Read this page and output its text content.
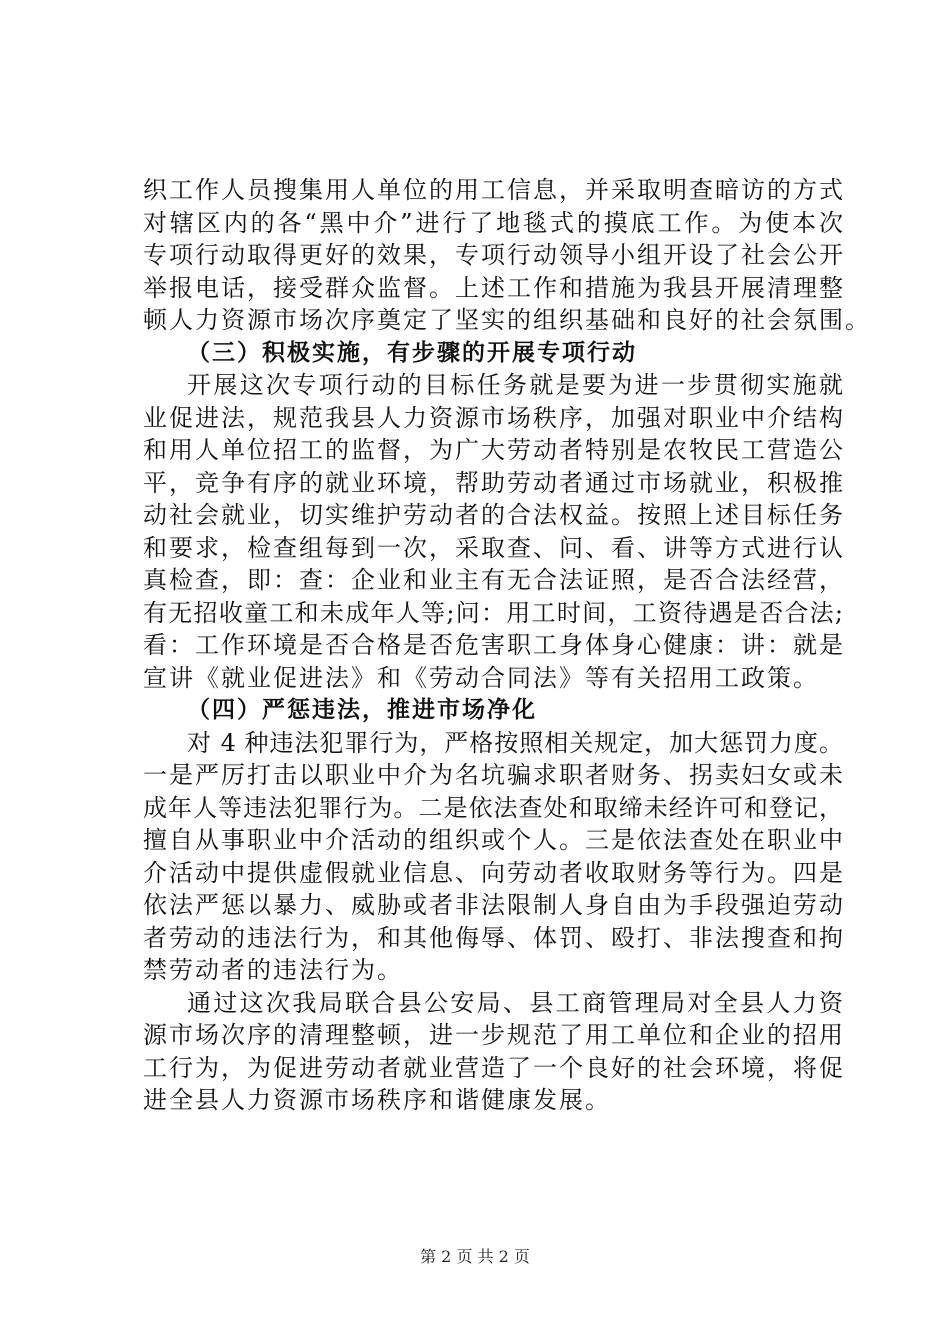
织工作人员搜集用人单位的用工信息，并采取明查暗访的方式
对辖区内的各“黑中介”进行了地毯式的摸底工作。为使本次
专项行动取得更好的效果，专项行动领导小组开设了社会公开
举报电话，接受群众监督。上述工作和措施为我县开展清理整
顿人力资源市场次序奠定了坚实的组织基础和良好的社会氛围。
（三）积极实施，有步骤的开展专项行动
开展这次专项行动的目标任务就是要为进一步贯彻实施就
业促进法，规范我县人力资源市场秩序，加强对职业中介结构
和用人单位招工的监督，为广大劳动者特别是农牧民工营造公
平，竞争有序的就业环境，帮助劳动者通过市场就业，积极推
动社会就业，切实维护劳动者的合法权益。按照上述目标任务
和要求，检查组每到一次，采取查、问、看、讲等方式进行认
真检查，即：查：企业和业主有无合法证照，是否合法经营，
有无招收童工和未成年人等;问：用工时间，工资待遇是否合法;
看：工作环境是否合格是否危害职工身体身心健康：讲：就是
宣讲《就业促进法》和《劳动合同法》等有关招用工政策。
（四）严惩违法，推进市场净化
对 4 种违法犯罪行为，严格按照相关规定，加大惩罚力度。
一是严厉打击以职业中介为名坑骗求职者财务、拐卖妇女或未
成年人等违法犯罪行为。二是依法查处和取缔未经许可和登记，
擅自从事职业中介活动的组织或个人。三是依法查处在职业中
介活动中提供虚假就业信息、向劳动者收取财务等行为。四是
依法严惩以暴力、威胁或者非法限制人身自由为手段强迫劳动
者劳动的违法行为，和其他侮辱、体罚、殴打、非法搜查和拘
禁劳动者的违法行为。
通过这次我局联合县公安局、县工商管理局对全县人力资
源市场次序的清理整顿，进一步规范了用工单位和企业的招用
工行为，为促进劳动者就业营造了一个良好的社会环境，将促
进全县人力资源市场秩序和谐健康发展。
第 2 页 共 2 页
